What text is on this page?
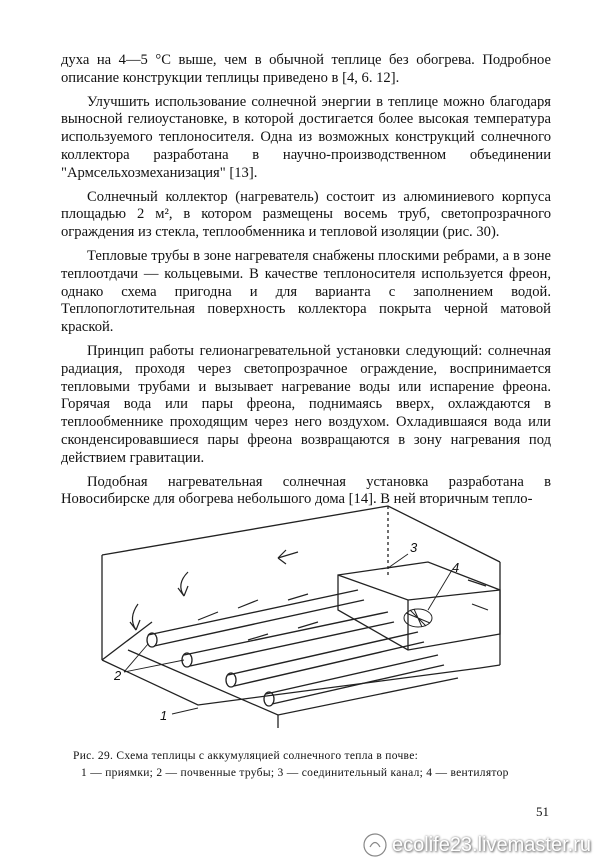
духа на 4—5 °С выше, чем в обычной теплице без обогрева. Подробное описание конструкции теплицы приведено в [4, 6. 12].

Улучшить использование солнечной энергии в теплице можно благодаря выносной гелиоустановке, в которой достигается более высокая температура используемого теплоносителя. Одна из возможных конструкций солнечного коллектора разработана в научно-производственном объединении "Армсельхозмеханизация" [13].

Солнечный коллектор (нагреватель) состоит из алюминиевого корпуса площадью 2 м², в котором размещены восемь труб, светопрозрачного ограждения из стекла, теплообменника и тепловой изоляции (рис. 30).

Тепловые трубы в зоне нагревателя снабжены плоскими ребрами, а в зоне теплоотдачи — кольцевыми. В качестве теплоносителя используется фреон, однако схема пригодна и для варианта с заполнением водой. Теплопоглотительная поверхность коллектора покрыта черной матовой краской.

Принцип работы гелионагревательной установки следующий: солнечная радиация, проходя через светопрозрачное ограждение, воспринимается тепловыми трубами и вызывает нагревание воды или испарение фреона. Горячая вода или пары фреона, поднимаясь вверх, охлаждаются в теплообменнике проходящим через него воздухом. Охладившаяся вода или сконденсировавшиеся пары фреона возвращаются в зону нагревания под действием гравитации.

Подобная нагревательная солнечная установка разработана в Новосибирске для обогрева небольшого дома [14]. В ней вторичным тепло-

2
1
3
4
Рис. 29. Схема теплицы с аккумуляцией солнечного тепла в почве:
1 — приямки; 2 — почвенные трубы; 3 — соединительный канал; 4 — вентилятор
51
ecolife23.livemaster.ru
